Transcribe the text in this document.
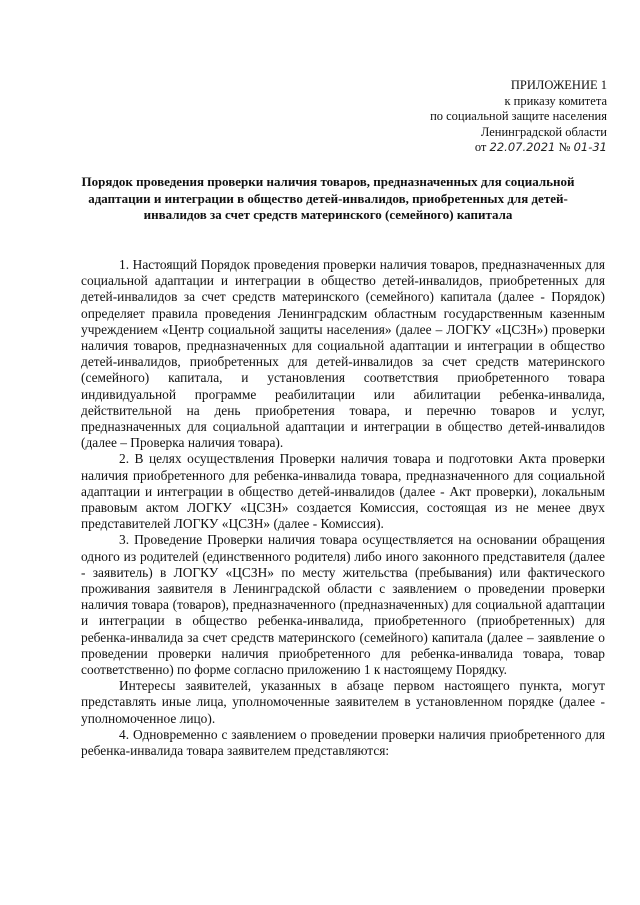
ПРИЛОЖЕНИЕ 1
к приказу комитета
по социальной защите населения
Ленинградской области
от 22.07.2021 № 01-31
Порядок проведения проверки наличия товаров, предназначенных для социальной адаптации и интеграции в общество детей-инвалидов, приобретенных для детей-инвалидов за счет средств материнского (семейного) капитала

1. Настоящий Порядок проведения проверки наличия товаров, предназначенных для социальной адаптации и интеграции в общество детей-инвалидов, приобретенных для детей-инвалидов за счет средств материнского (семейного) капитала (далее - Порядок) определяет правила проведения Ленинградским областным государственным казенным учреждением «Центр социальной защиты населения» (далее – ЛОГКУ «ЦСЗН») проверки наличия товаров, предназначенных для социальной адаптации и интеграции в общество детей-инвалидов, приобретенных для детей-инвалидов за счет средств материнского (семейного) капитала, и установления соответствия приобретенного товара индивидуальной программе реабилитации или абилитации ребенка-инвалида, действительной на день приобретения товара, и перечню товаров и услуг, предназначенных для социальной адаптации и интеграции в общество детей-инвалидов (далее – Проверка наличия товара).

2. В целях осуществления Проверки наличия товара и подготовки Акта проверки наличия приобретенного для ребенка-инвалида товара, предназначенного для социальной адаптации и интеграции в общество детей-инвалидов (далее - Акт проверки), локальным правовым актом ЛОГКУ «ЦСЗН» создается Комиссия, состоящая из не менее двух представителей ЛОГКУ «ЦСЗН» (далее - Комиссия).

3. Проведение Проверки наличия товара осуществляется на основании обращения одного из родителей (единственного родителя) либо иного законного представителя (далее - заявитель) в ЛОГКУ «ЦСЗН» по месту жительства (пребывания) или фактического проживания заявителя в Ленинградской области с заявлением о проведении проверки наличия товара (товаров), предназначенного (предназначенных) для социальной адаптации и интеграции в общество ребенка-инвалида, приобретенного (приобретенных) для ребенка-инвалида за счет средств материнского (семейного) капитала (далее – заявление о проведении проверки наличия приобретенного для ребенка-инвалида товара, товар соответственно) по форме согласно приложению 1 к настоящему Порядку.

Интересы заявителей, указанных в абзаце первом настоящего пункта, могут представлять иные лица, уполномоченные заявителем в установленном порядке (далее - уполномоченное лицо).

4. Одновременно с заявлением о проведении проверки наличия приобретенного для ребенка-инвалида товара заявителем представляются:
